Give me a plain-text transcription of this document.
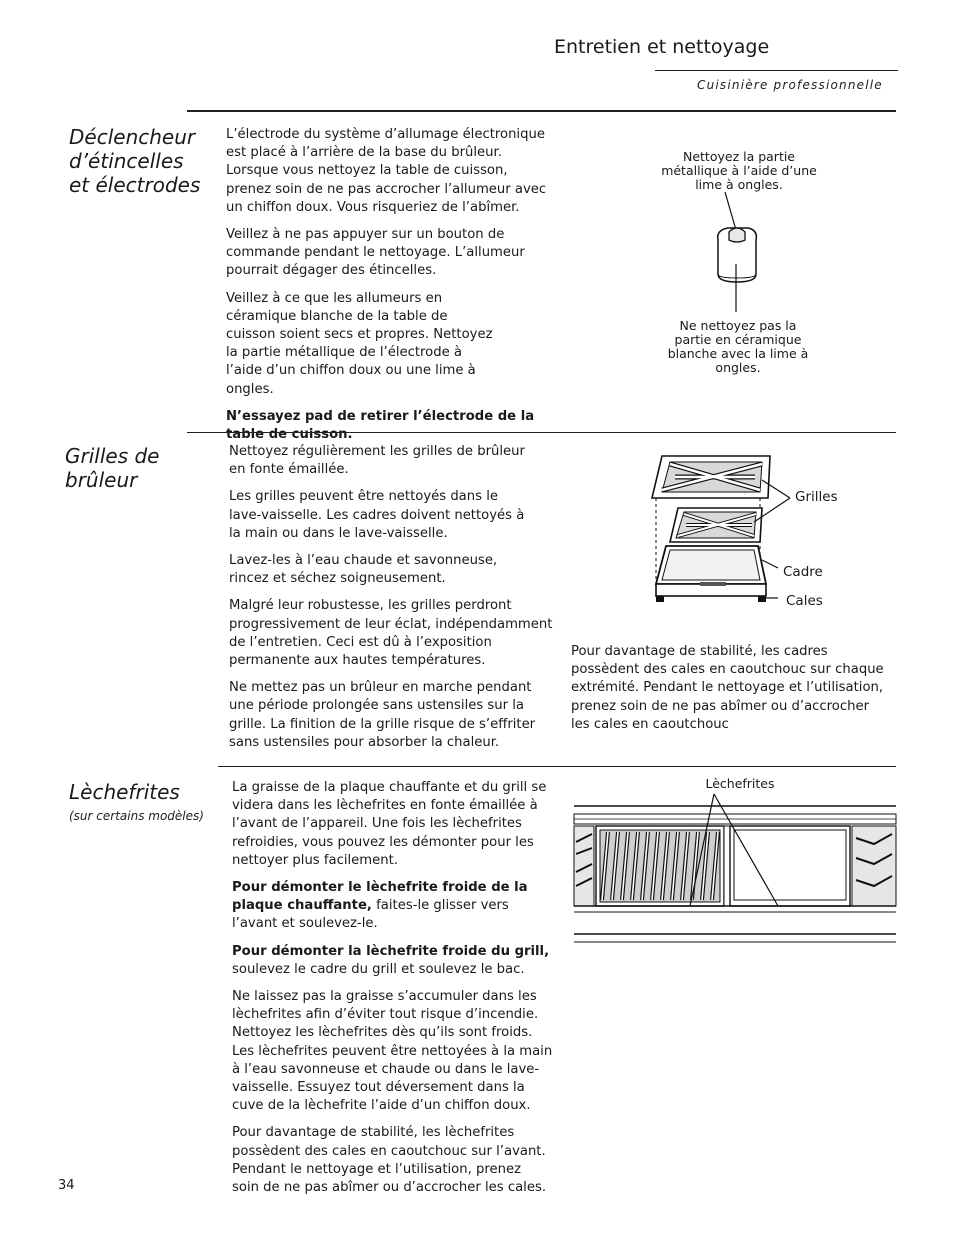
Entretien et nettoyage
Cuisinière professionnelle
Déclencheur
d’étincelles
et électrodes

L’électrode du système d’allumage électronique est placé à l’arrière de la base du brûleur. Lorsque vous nettoyez la table de cuisson, prenez soin de ne pas accrocher l’allumeur avec un chiffon doux. Vous risqueriez de l’abîmer.

Veillez à ne pas appuyer sur un bouton de commande pendant le nettoyage. L’allumeur pourrait dégager des étincelles.

Veillez à ce que les allumeurs en céramique blanche de la table de cuisson soient secs et propres. Nettoyez la partie métallique de l’électrode à l’aide d’un chiffon doux ou une lime à ongles.

N’essayez pad de retirer l’électrode de la table de cuisson.

Nettoyez la partie métallique à l’aide d’une lime à ongles.
Ne nettoyez pas la partie en céramique blanche avec la lime à ongles.
Grilles de
brûleur

Nettoyez régulièrement les grilles de brûleur en fonte émaillée.

Les grilles peuvent être nettoyés dans le lave-vaisselle. Les cadres doivent nettoyés à la main ou dans le lave-vaisselle.

Lavez-les à l’eau chaude et savonneuse, rincez et séchez soigneusement.

Malgré leur robustesse, les grilles perdront progressivement de leur éclat, indépendamment de l’entretien. Ceci est dû à l’exposition permanente aux hautes températures.

Ne mettez pas un brûleur en marche pendant une période prolongée sans ustensiles sur la grille. La finition de la grille risque de s’effriter sans ustensiles pour absorber la chaleur.

Grilles
Cadre
Cales

Pour davantage de stabilité, les cadres possèdent des cales en caoutchouc sur chaque extrémité. Pendant le nettoyage et l’utilisation, prenez soin de ne pas abîmer ou d’accrocher les cales en caoutchouc

Lèchefrites
(sur certains modèles)

La graisse de la plaque chauffante et du grill se videra dans les lèchefrites en fonte émaillée à l’avant de l’appareil. Une fois les lèchefrites refroidies, vous pouvez les démonter pour les nettoyer plus facilement.

Pour démonter le lèchefrite froide de la plaque chauffante, faites-le glisser vers l’avant et soulevez-le.

Pour démonter la lèchefrite froide du grill, soulevez le cadre du grill et soulevez le bac.

Ne laissez pas la graisse s’accumuler dans les lèchefrites afin d’éviter tout risque d’incendie. Nettoyez les lèchefrites dès qu’ils sont froids. Les lèchefrites peuvent être nettoyées à la main à l’eau savonneuse et chaude ou dans le lave-vaisselle. Essuyez tout déversement dans la cuve de la lèchefrite l’aide d’un chiffon doux.

Pour davantage de stabilité, les lèchefrites possèdent des cales en caoutchouc sur l’avant. Pendant le nettoyage et l’utilisation, prenez soin de ne pas abîmer ou d’accrocher les cales.

Lèchefrites
34
